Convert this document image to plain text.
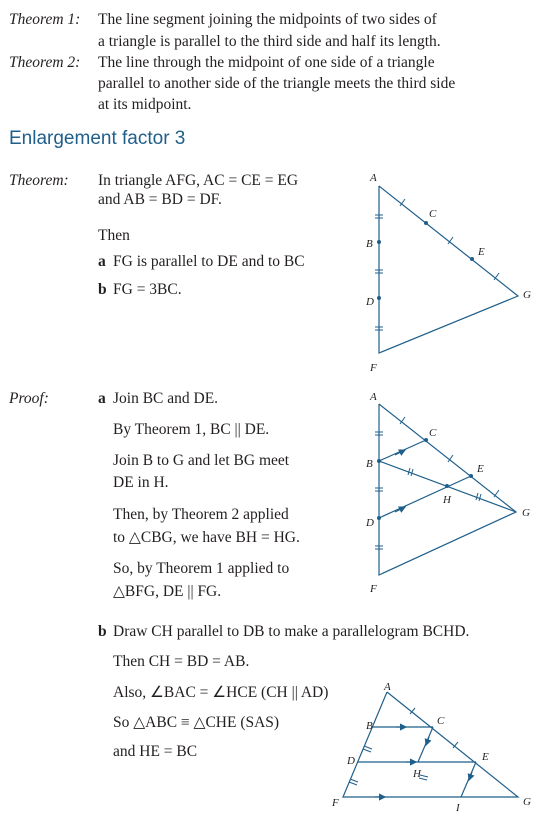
Theorem 1: The line segment joining the midpoints of two sides of
a triangle is parallel to the third side and half its length.
Theorem 2: The line through the midpoint of one side of a triangle
parallel to another side of the triangle meets the third side
at its midpoint.
Enlargement factor 3
Theorem: In triangle AFG, AC = CE = EG
and AB = BD = DF.
Then
a FG is parallel to DE and to BC
b FG = 3BC.
Proof:	a Join BC and DE.
By Theorem 1, BC || DE.
Join B to G and let BG meet
DE in H.
Then, by Theorem 2 applied
to △CBG, we have BH = HG.
So, by Theorem 1 applied to
△BFG, DE || FG.
b Draw CH parallel to DB to make a parallelogram BCHD.
Then CH = BD = AB.
Also, ∠BAC = ∠HCE (CH || AD)
So △ABC ≡ △CHE (SAS)
and HE = BC
A
B
C
D
E
F
G
A
B
C
D
E
F
G
H
A
B	C
D	E
F	G
H
I
